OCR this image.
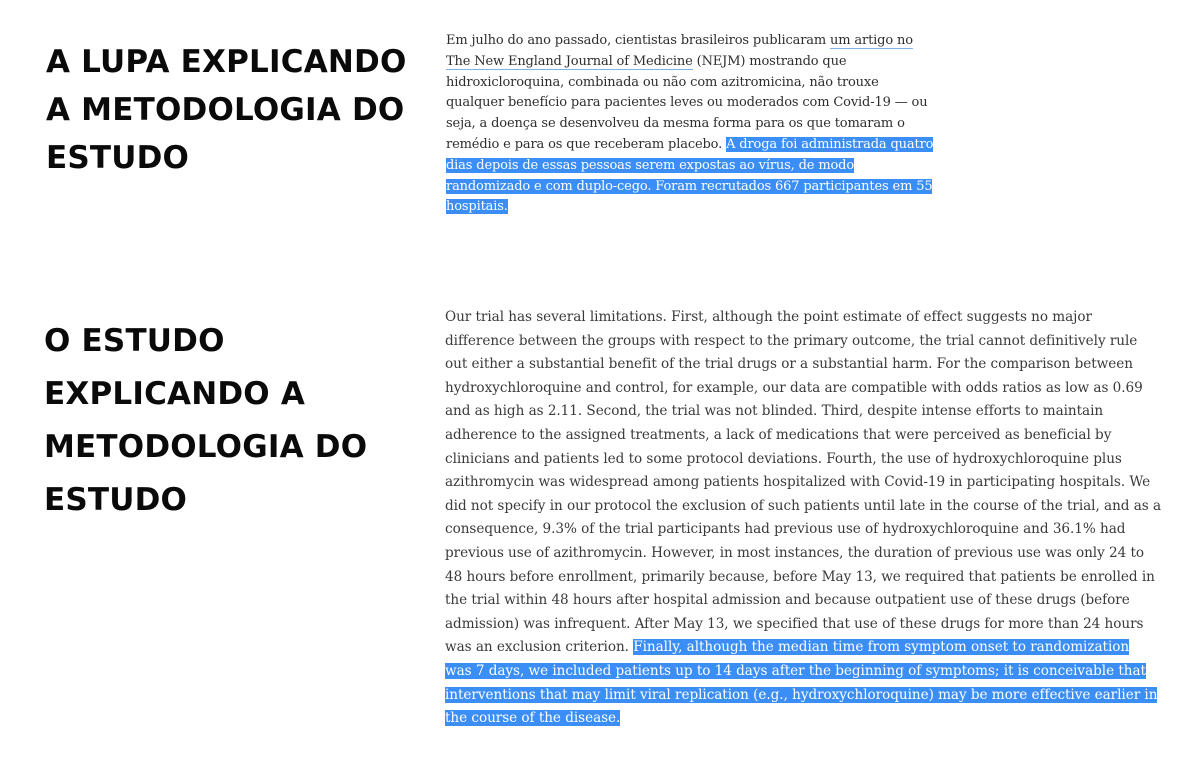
A LUPA EXPLICANDO
A METODOLOGIA DO
ESTUDO

Em julho do ano passado, cientistas brasileiros publicaram um artigo no
The New England Journal of Medicine (NEJM) mostrando que
hidroxicloroquina, combinada ou não com azitromicina, não trouxe
qualquer benefício para pacientes leves ou moderados com Covid-19 — ou
seja, a doença se desenvolveu da mesma forma para os que tomaram o
remédio e para os que receberam placebo. A droga foi administrada quatro
dias depois de essas pessoas serem expostas ao vírus, de modo
randomizado e com duplo-cego. Foram recrutados 667 participantes em 55
hospitais.

O ESTUDO
EXPLICANDO A
METODOLOGIA DO
ESTUDO

Our trial has several limitations. First, although the point estimate of effect suggests no major
difference between the groups with respect to the primary outcome, the trial cannot definitively rule
out either a substantial benefit of the trial drugs or a substantial harm. For the comparison between
hydroxychloroquine and control, for example, our data are compatible with odds ratios as low as 0.69
and as high as 2.11. Second, the trial was not blinded. Third, despite intense efforts to maintain
adherence to the assigned treatments, a lack of medications that were perceived as beneficial by
clinicians and patients led to some protocol deviations. Fourth, the use of hydroxychloroquine plus
azithromycin was widespread among patients hospitalized with Covid-19 in participating hospitals. We
did not specify in our protocol the exclusion of such patients until late in the course of the trial, and as a
consequence, 9.3% of the trial participants had previous use of hydroxychloroquine and 36.1% had
previous use of azithromycin. However, in most instances, the duration of previous use was only 24 to
48 hours before enrollment, primarily because, before May 13, we required that patients be enrolled in
the trial within 48 hours after hospital admission and because outpatient use of these drugs (before
admission) was infrequent. After May 13, we specified that use of these drugs for more than 24 hours
was an exclusion criterion. Finally, although the median time from symptom onset to randomization
was 7 days, we included patients up to 14 days after the beginning of symptoms; it is conceivable that
interventions that may limit viral replication (e.g., hydroxychloroquine) may be more effective earlier in
the course of the disease.
